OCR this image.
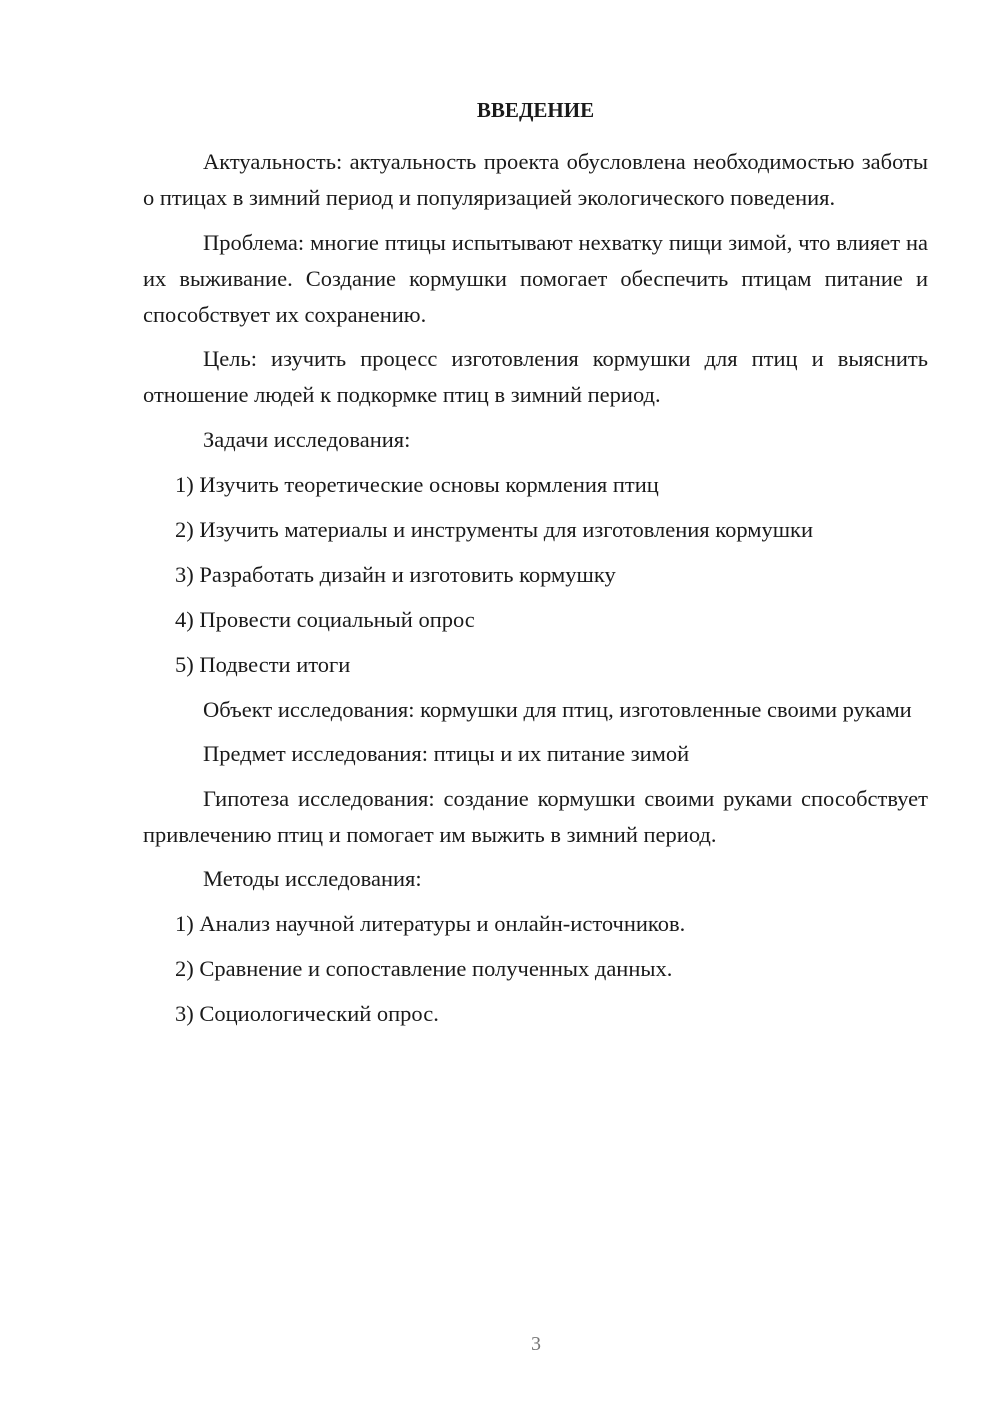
ВВЕДЕНИЕ

Актуальность: актуальность проекта обусловлена необходимостью заботы о птицах в зимний период и популяризацией экологического поведения.

Проблема: многие птицы испытывают нехватку пищи зимой, что влияет на их выживание. Создание кормушки помогает обеспечить птицам питание и способствует их сохранению.

Цель: изучить процесс изготовления кормушки для птиц и выяснить отношение людей к подкормке птиц в зимний период.

Задачи исследования:
1) Изучить теоретические основы кормления птиц
2) Изучить материалы и инструменты для изготовления кормушки
3) Разработать дизайн и изготовить кормушку
4) Провести социальный опрос
5) Подвести итоги

Объект исследования: кормушки для птиц, изготовленные своими руками

Предмет исследования: птицы и их питание зимой

Гипотеза исследования: создание кормушки своими руками способствует привлечению птиц и помогает им выжить в зимний период.

Методы исследования:
1) Анализ научной литературы и онлайн-источников.
2) Сравнение и сопоставление полученных данных.
3) Социологический опрос.
3
